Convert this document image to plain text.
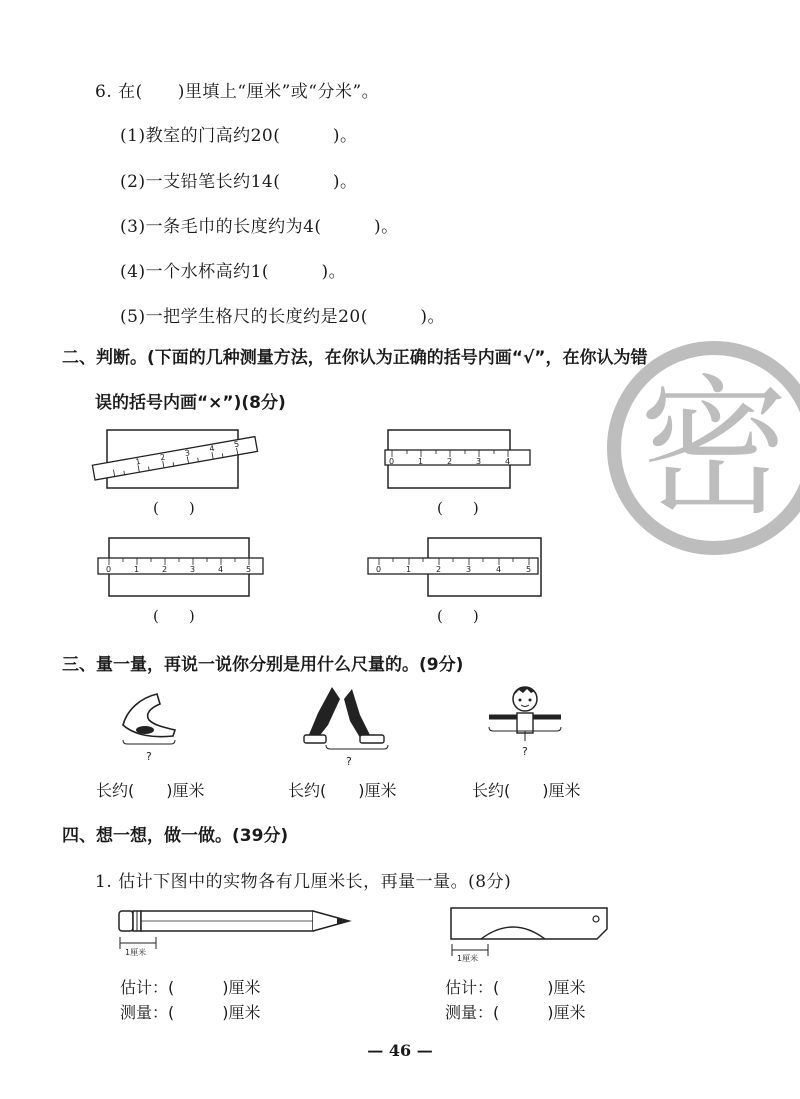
6. 在(　　)里填上“厘米”或“分米”。
(1)教室的门高约20(　　　)。
(2)一支铅笔长约14(　　　)。
(3)一条毛巾的长度约为4(　　　)。
(4)一个水杯高约1(　　　)。
(5)一把学生格尺的长度约是20(　　　)。
密
二、判断。(下面的几种测量方法，在你认为正确的括号内画“√”，在你认为错
误的括号内画“×”)(8分)
1 2 3 4 5
(　　)
0	1	2	3	4
(　　)
0	1	2	3	4	5
(　　)
0	1	2	3	4	5
(　　)
三、量一量，再说一说你分别是用什么尺量的。(9分)
?
长约(　　)厘米
?
长约(　　)厘米
?
长约(　　)厘米
四、想一想，做一做。(39分)
1. 估计下图中的实物各有几厘米长，再量一量。(8分)
1厘米
1厘米
估计：(　　　)厘米
测量：(　　　)厘米
估计：(　　　)厘米
测量：(　　　)厘米
— 46 —
